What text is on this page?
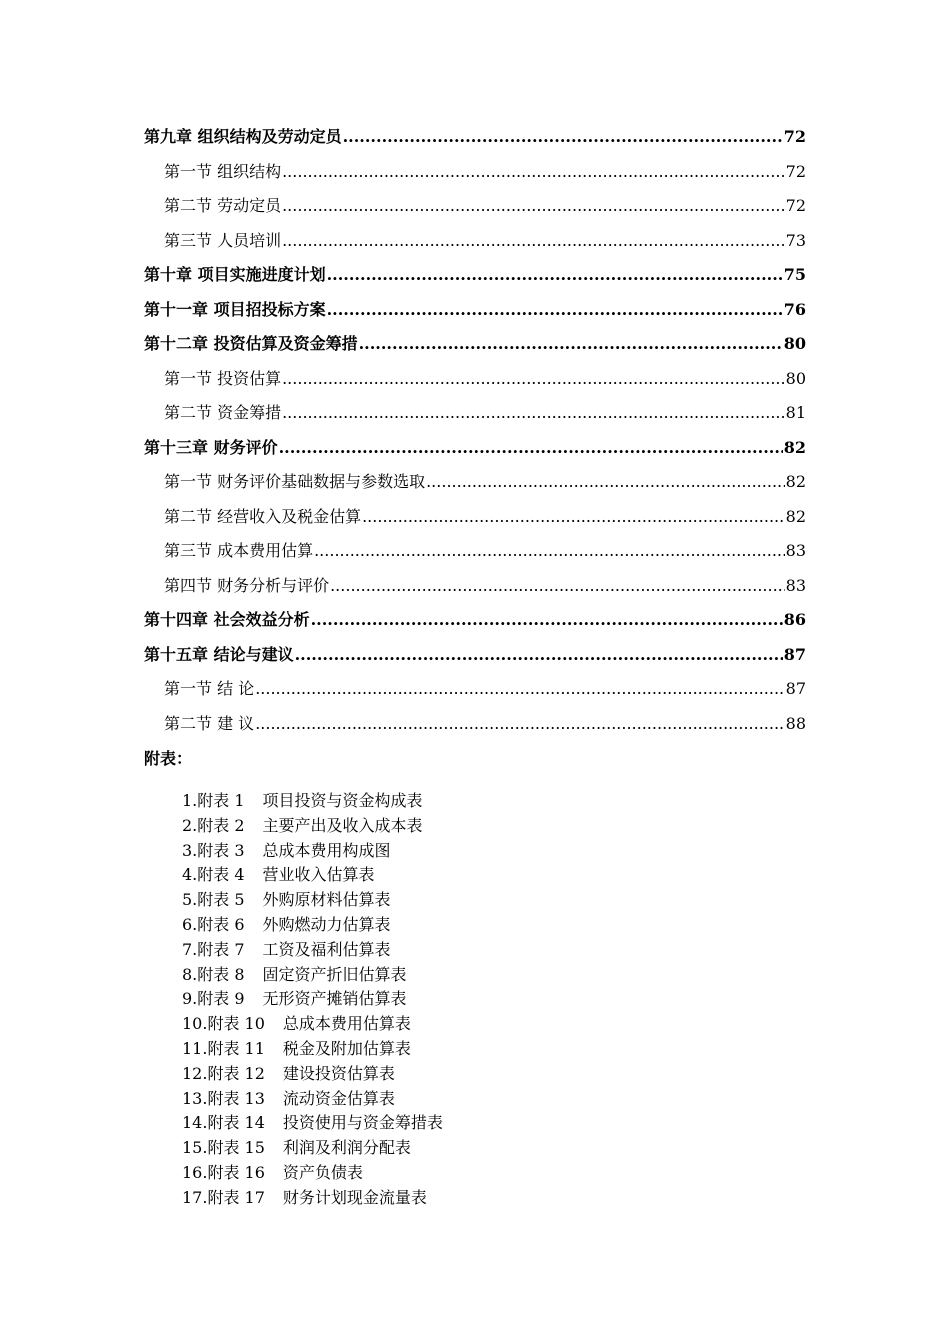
第九章 组织结构及劳动定员 .....	72
第一节 组织结构 .....	72
第二节 劳动定员 .....	72
第三节 人员培训 .....	73
第十章 项目实施进度计划 .....	75
第十一章 项目招投标方案 .....	76
第十二章 投资估算及资金筹措 .....	80
第一节 投资估算 .....	80
第二节 资金筹措 .....	81
第十三章 财务评价 .....	82
第一节 财务评价基础数据与参数选取 .....	82
第二节 经营收入及税金估算 .....	82
第三节 成本费用估算 .....	83
第四节 财务分析与评价 .....	83
第十四章 社会效益分析 .....	86
第十五章 结论与建议 .....	87
第一节 结 论 .....	87
第二节 建 议 .....	88
附表：
1.附表 1 项目投资与资金构成表
2.附表 2 主要产出及收入成本表
3.附表 3 总成本费用构成图
4.附表 4 营业收入估算表
5.附表 5 外购原材料估算表
6.附表 6 外购燃动力估算表
7.附表 7 工资及福利估算表
8.附表 8 固定资产折旧估算表
9.附表 9 无形资产摊销估算表
10.附表 10 总成本费用估算表
11.附表 11 税金及附加估算表
12.附表 12 建设投资估算表
13.附表 13 流动资金估算表
14.附表 14 投资使用与资金筹措表
15.附表 15 利润及利润分配表
16.附表 16 资产负债表
17.附表 17 财务计划现金流量表
